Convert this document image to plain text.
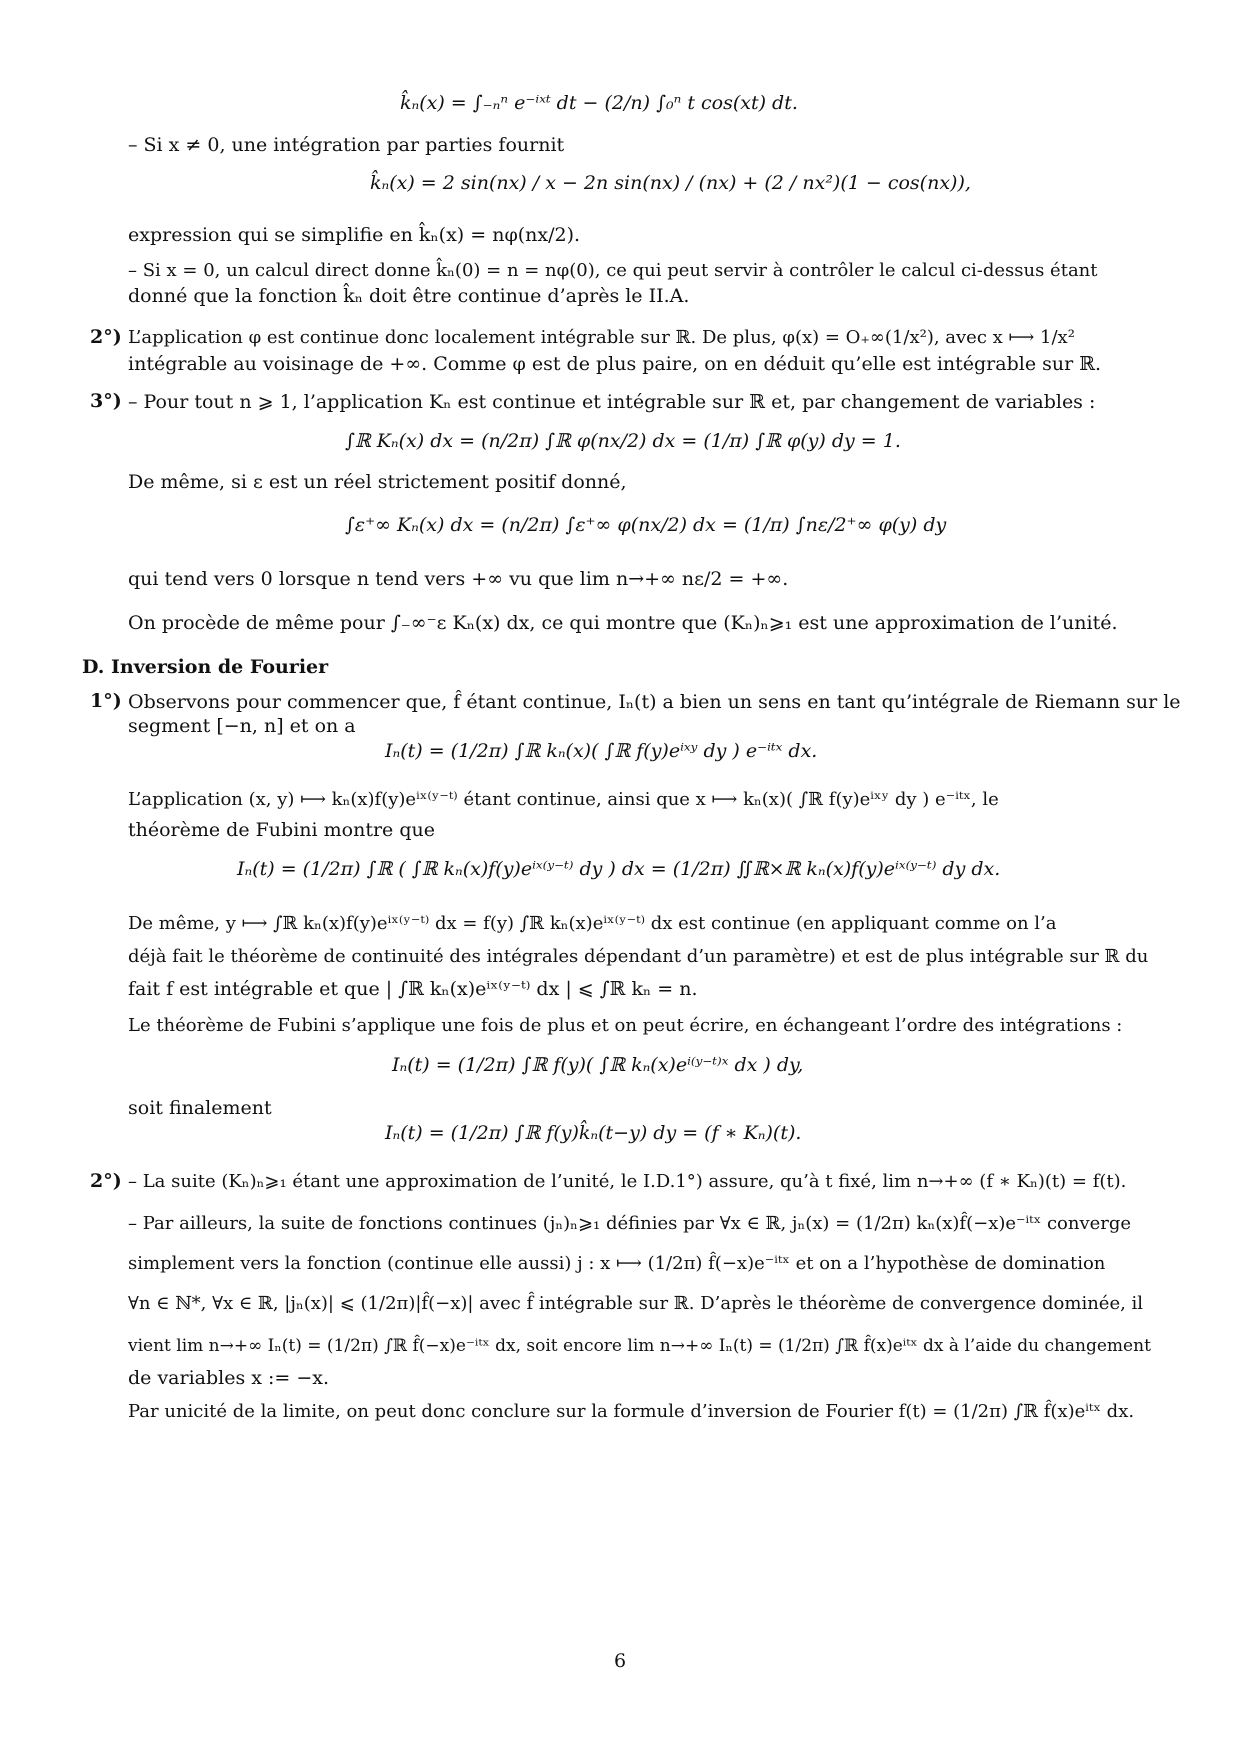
k̂ₙ(x) = ∫₋ₙⁿ e⁻ⁱˣᵗ dt − (2/n) ∫₀ⁿ t cos(xt) dt.
– Si x ≠ 0, une intégration par parties fournit
k̂ₙ(x) = 2 sin(nx) / x − 2n sin(nx) / (nx) + (2 / nx²)(1 − cos(nx)),
expression qui se simplifie en k̂ₙ(x) = nφ(nx/2).
– Si x = 0, un calcul direct donne k̂ₙ(0) = n = nφ(0), ce qui peut servir à contrôler le calcul ci-dessus étant
donné que la fonction k̂ₙ doit être continue d’après le II.A.
2°) L’application φ est continue donc localement intégrable sur ℝ. De plus, φ(x) = O₊∞(1/x²), avec x ⟼ 1/x²
intégrable au voisinage de +∞. Comme φ est de plus paire, on en déduit qu’elle est intégrable sur ℝ.
3°) – Pour tout n ⩾ 1, l’application Kₙ est continue et intégrable sur ℝ et, par changement de variables :
∫ℝ Kₙ(x) dx = (n/2π) ∫ℝ φ(nx/2) dx = (1/π) ∫ℝ φ(y) dy = 1.
De même, si ε est un réel strictement positif donné,
∫ε⁺∞ Kₙ(x) dx = (n/2π) ∫ε⁺∞ φ(nx/2) dx = (1/π) ∫nε/2⁺∞ φ(y) dy
qui tend vers 0 lorsque n tend vers +∞ vu que lim n→+∞ nε/2 = +∞.
On procède de même pour ∫₋∞⁻ε Kₙ(x) dx, ce qui montre que (Kₙ)ₙ⩾₁ est une approximation de l’unité.
D. Inversion de Fourier
1°) Observons pour commencer que, f̂ étant continue, Iₙ(t) a bien un sens en tant qu’intégrale de Riemann sur le
segment [−n, n] et on a
Iₙ(t) = (1/2π) ∫ℝ kₙ(x)( ∫ℝ f(y)eⁱˣʸ dy ) e⁻ⁱᵗˣ dx.
L’application (x, y) ⟼ kₙ(x)f(y)eⁱˣ⁽ʸ⁻ᵗ⁾ étant continue, ainsi que x ⟼ kₙ(x)( ∫ℝ f(y)eⁱˣʸ dy ) e⁻ⁱᵗˣ, le
théorème de Fubini montre que
Iₙ(t) = (1/2π) ∫ℝ ( ∫ℝ kₙ(x)f(y)eⁱˣ⁽ʸ⁻ᵗ⁾ dy ) dx = (1/2π) ∬ℝ×ℝ kₙ(x)f(y)eⁱˣ⁽ʸ⁻ᵗ⁾ dy dx.
De même, y ⟼ ∫ℝ kₙ(x)f(y)eⁱˣ⁽ʸ⁻ᵗ⁾ dx = f(y) ∫ℝ kₙ(x)eⁱˣ⁽ʸ⁻ᵗ⁾ dx est continue (en appliquant comme on l’a
déjà fait le théorème de continuité des intégrales dépendant d’un paramètre) et est de plus intégrable sur ℝ du
fait f est intégrable et que | ∫ℝ kₙ(x)eⁱˣ⁽ʸ⁻ᵗ⁾ dx | ⩽ ∫ℝ kₙ = n.
Le théorème de Fubini s’applique une fois de plus et on peut écrire, en échangeant l’ordre des intégrations :
Iₙ(t) = (1/2π) ∫ℝ f(y)( ∫ℝ kₙ(x)eⁱ⁽ʸ⁻ᵗ⁾ˣ dx ) dy,
soit finalement
Iₙ(t) = (1/2π) ∫ℝ f(y)k̂ₙ(t−y) dy = (f ∗ Kₙ)(t).
2°) – La suite (Kₙ)ₙ⩾₁ étant une approximation de l’unité, le I.D.1°) assure, qu’à t fixé, lim n→+∞ (f ∗ Kₙ)(t) = f(t).
– Par ailleurs, la suite de fonctions continues (jₙ)ₙ⩾₁ définies par ∀x ∈ ℝ, jₙ(x) = (1/2π) kₙ(x)f̂(−x)e⁻ⁱᵗˣ converge
simplement vers la fonction (continue elle aussi) j : x ⟼ (1/2π) f̂(−x)e⁻ⁱᵗˣ et on a l’hypothèse de domination
∀n ∈ ℕ*, ∀x ∈ ℝ, |jₙ(x)| ⩽ (1/2π)|f̂(−x)| avec f̂ intégrable sur ℝ. D’après le théorème de convergence dominée, il
vient lim n→+∞ Iₙ(t) = (1/2π) ∫ℝ f̂(−x)e⁻ⁱᵗˣ dx, soit encore lim n→+∞ Iₙ(t) = (1/2π) ∫ℝ f̂(x)eⁱᵗˣ dx à l’aide du changement
de variables x := −x.
Par unicité de la limite, on peut donc conclure sur la formule d’inversion de Fourier f(t) = (1/2π) ∫ℝ f̂(x)eⁱᵗˣ dx.
6
